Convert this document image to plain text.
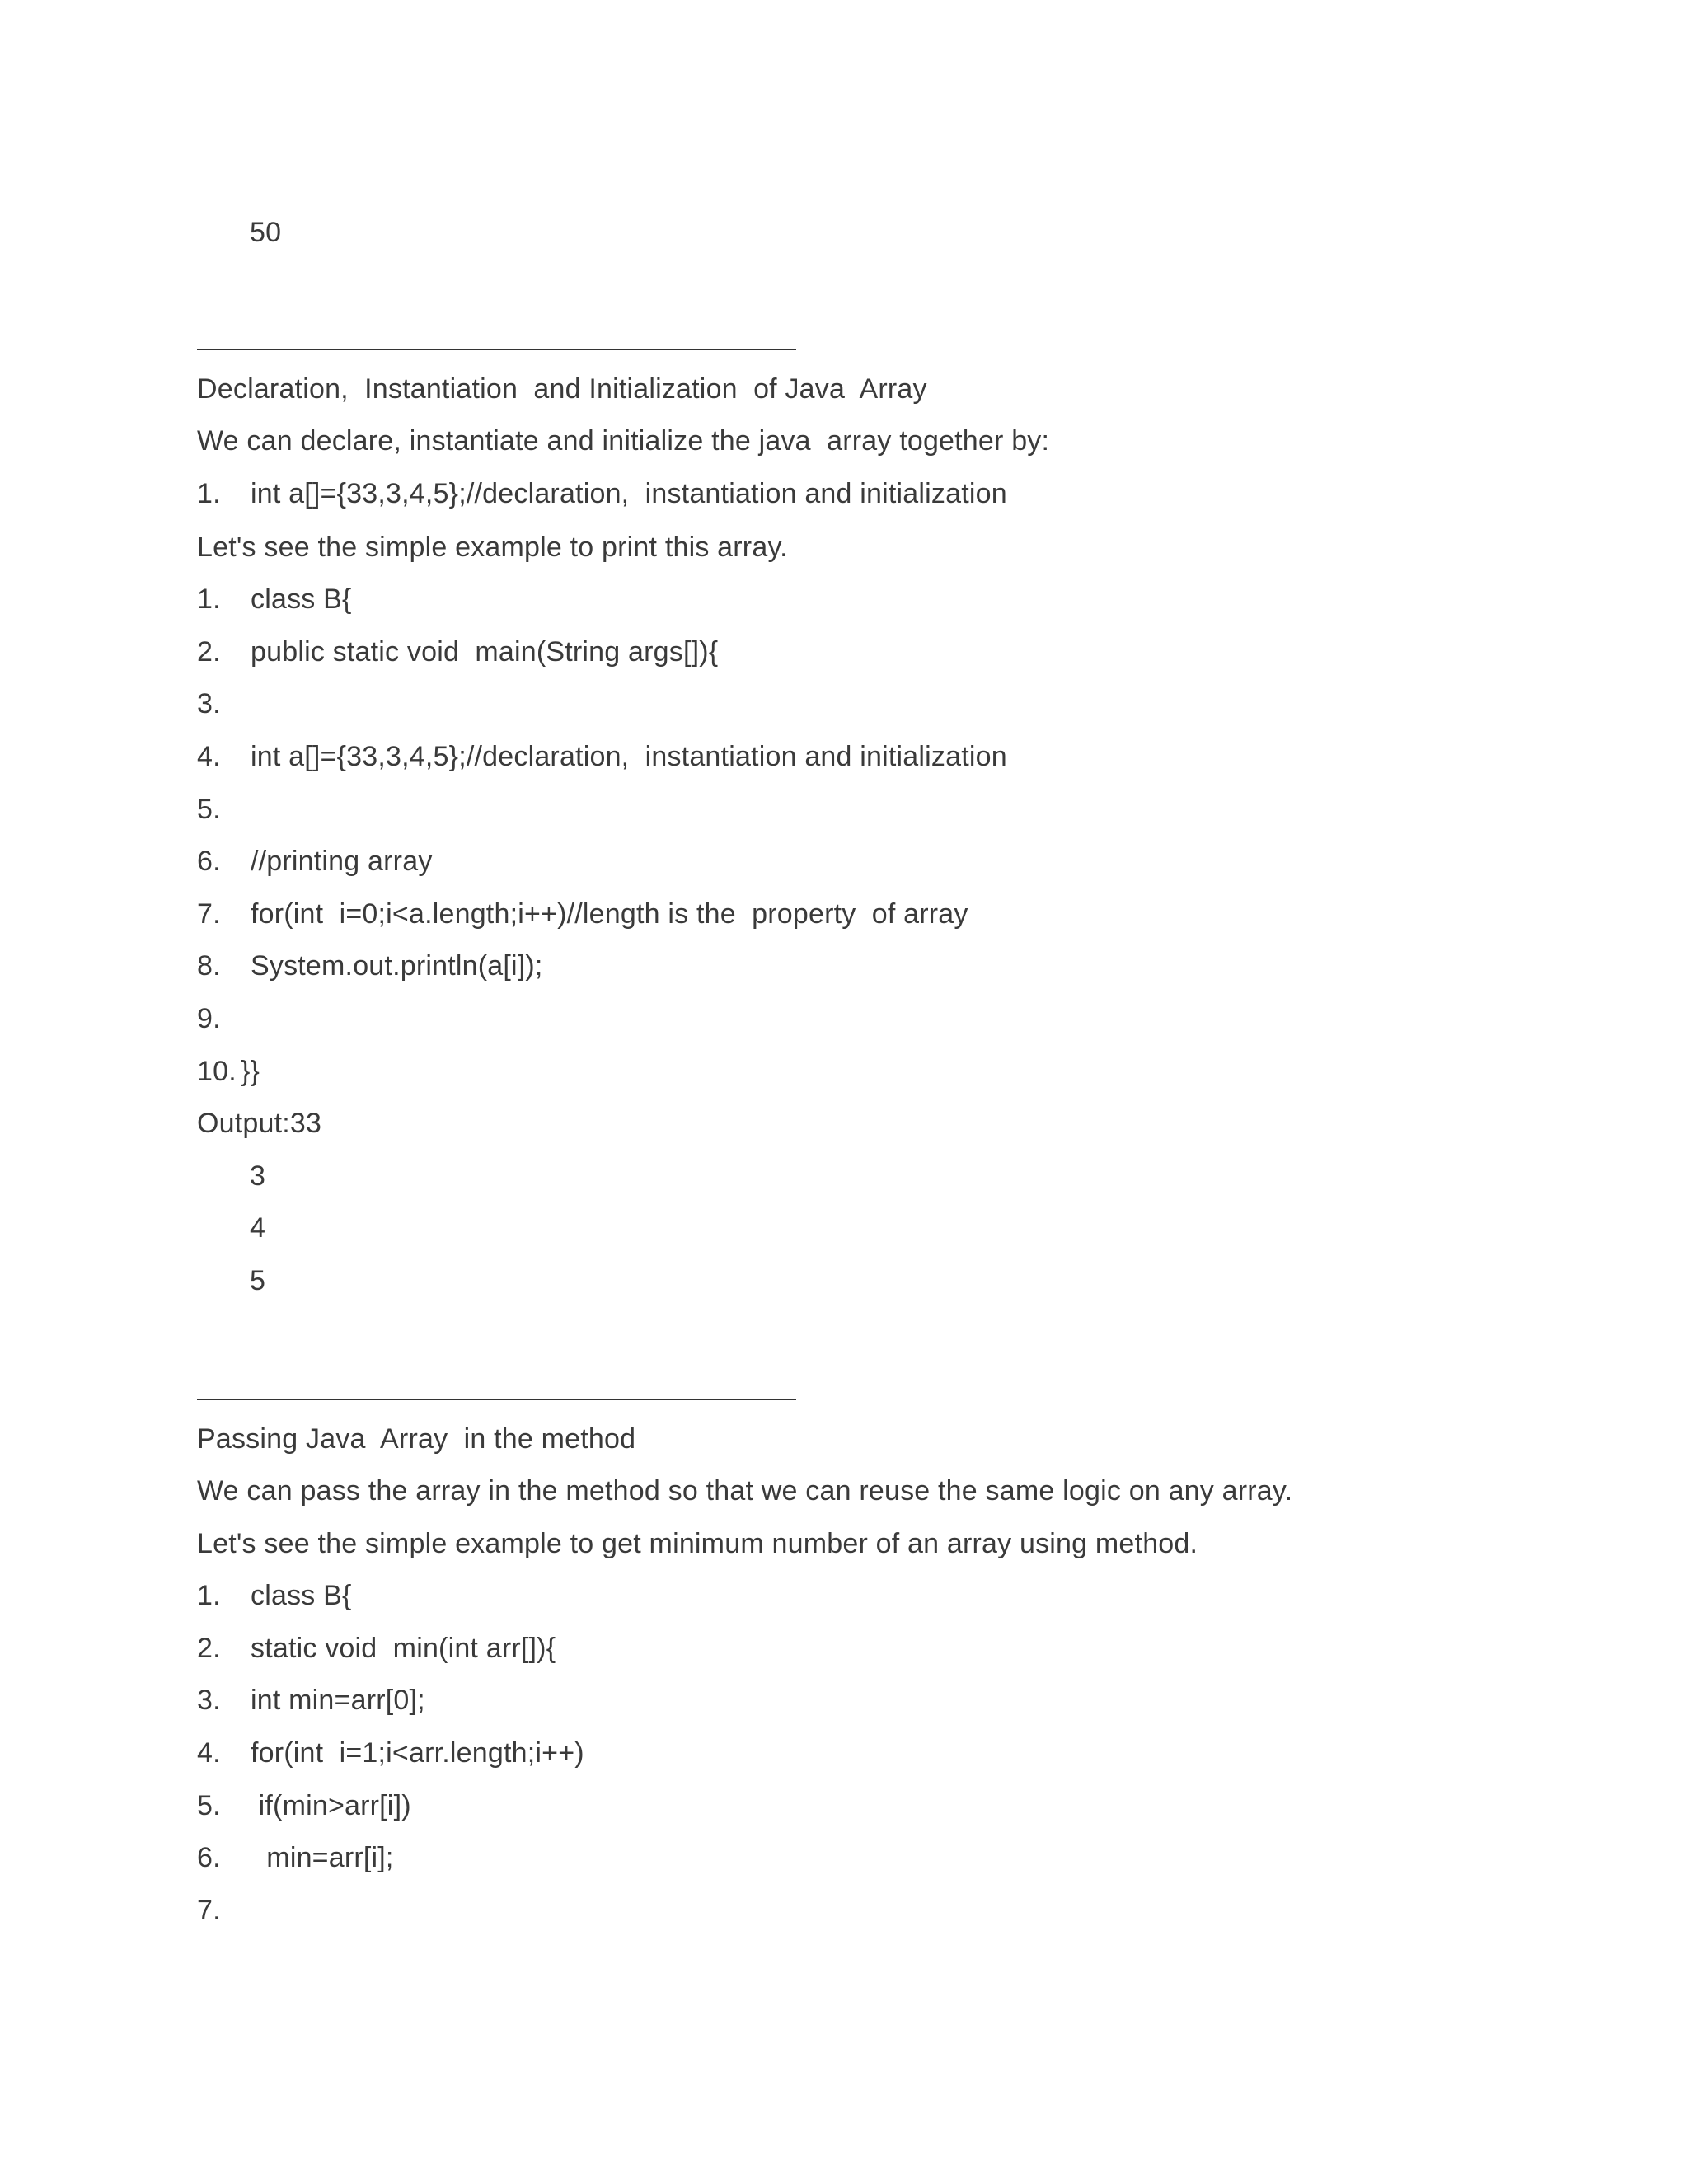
50
Declaration,  Instantiation  and Initialization  of Java  Array
We can declare, instantiate and initialize the java  array together by:

1.

int a[]={33,3,4,5};//declaration,  instantiation and initialization

Let's see the simple example to print this array.

1.

class B{

2.

public static void  main(String args[]){

3.

4.

int a[]={33,3,4,5};//declaration,  instantiation and initialization

5.

6.

//printing array

7.

for(int  i=0;i<a.length;i++)//length is the  property  of array

8.

System.out.println(a[i]);

9.

10.

}}

Output:33
3
4
5
Passing Java  Array  in the method
We can pass the array in the method so that we can reuse the same logic on any array.
Let's see the simple example to get minimum number of an array using method.

1.

class B{

2.

static void  min(int arr[]){

3.

int min=arr[0];

4.

for(int  i=1;i<arr.length;i++)

5.

if(min>arr[i])

6.

min=arr[i];

7.
